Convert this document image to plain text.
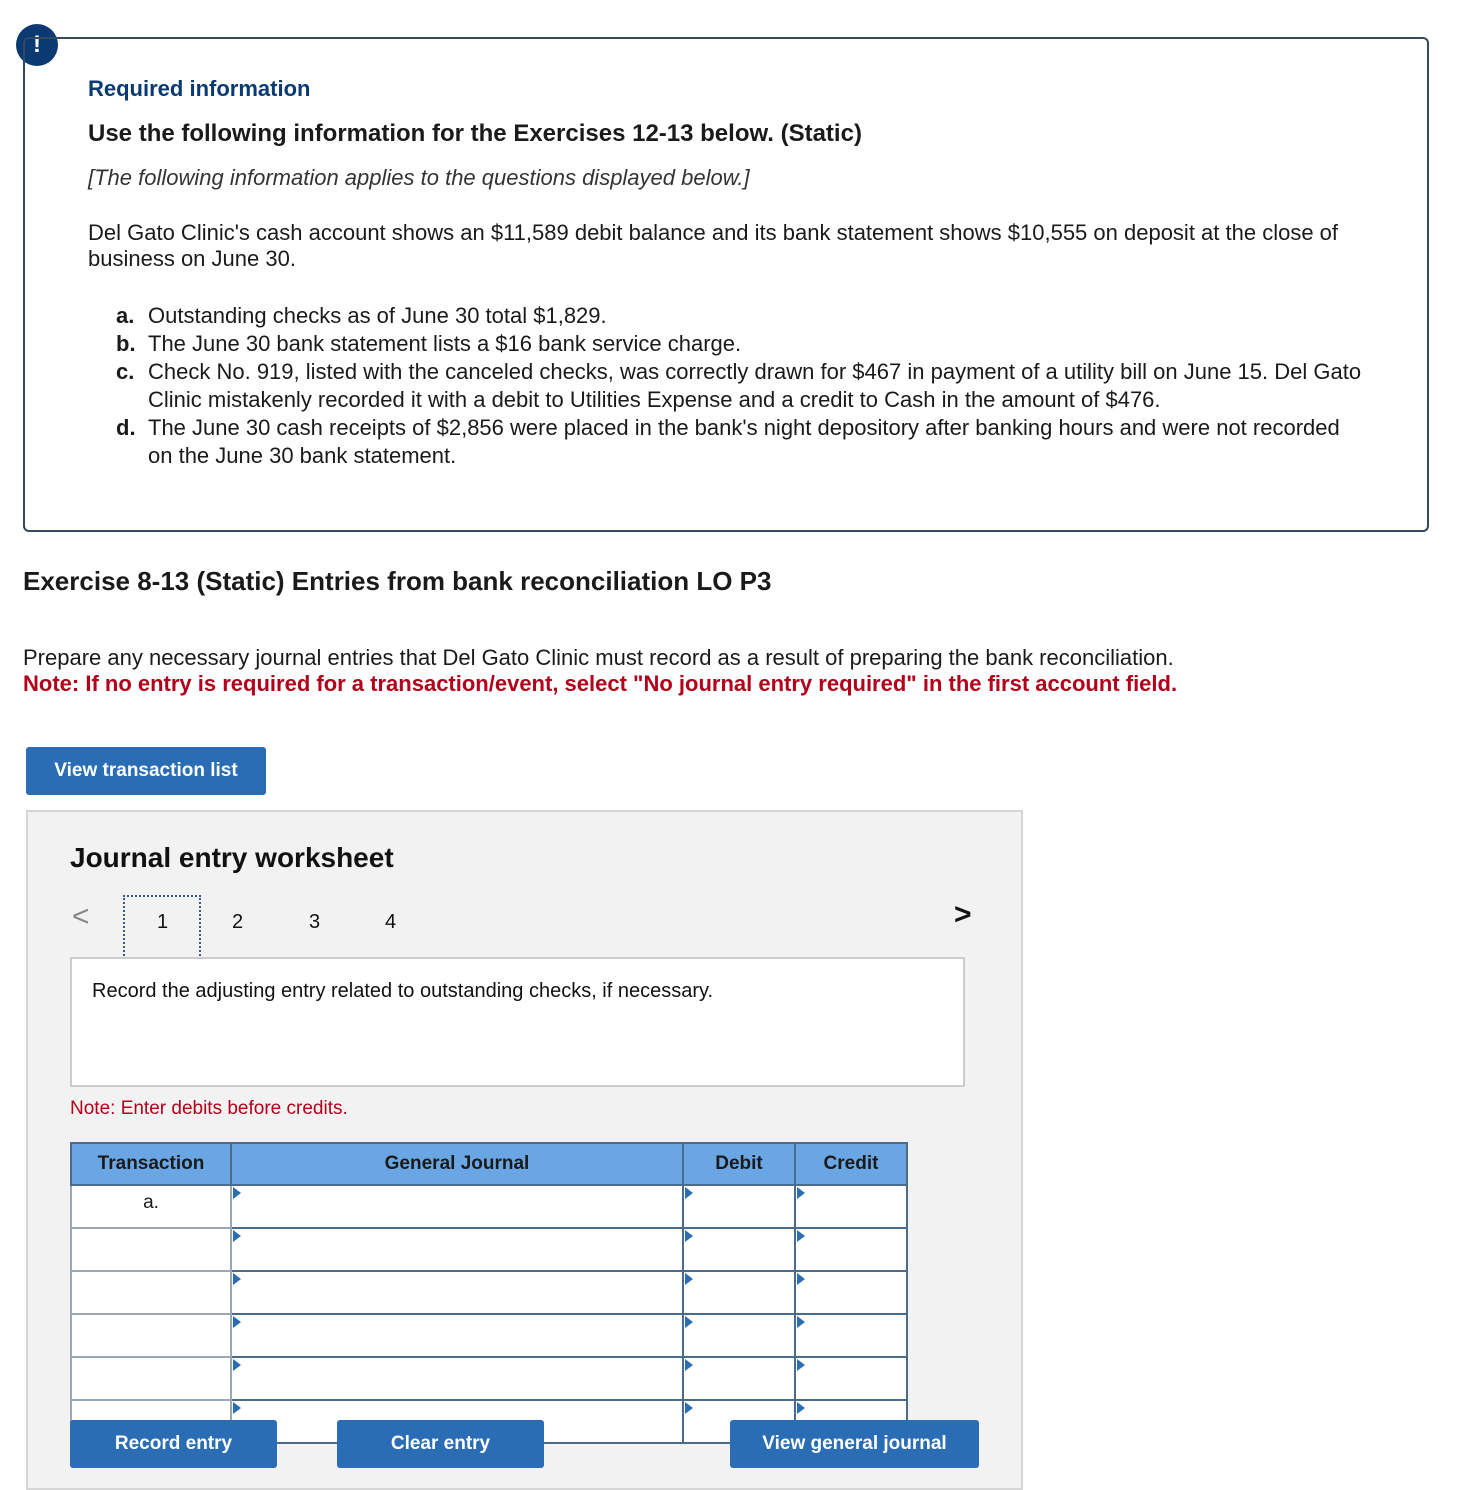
!
Required information
Use the following information for the Exercises 12-13 below. (Static)
[The following information applies to the questions displayed below.]
Del Gato Clinic's cash account shows an $11,589 debit balance and its bank statement shows $10,555 on deposit at the close of business on June 30.
a. Outstanding checks as of June 30 total $1,829.
b. The June 30 bank statement lists a $16 bank service charge.
c. Check No. 919, listed with the canceled checks, was correctly drawn for $467 in payment of a utility bill on June 15. Del Gato Clinic mistakenly recorded it with a debit to Utilities Expense and a credit to Cash in the amount of $476.
d. The June 30 cash receipts of $2,856 were placed in the bank's night depository after banking hours and were not recorded on the June 30 bank statement.
Exercise 8-13 (Static) Entries from bank reconciliation LO P3
Prepare any necessary journal entries that Del Gato Clinic must record as a result of preparing the bank reconciliation.
Note: If no entry is required for a transaction/event, select "No journal entry required" in the first account field.
View transaction list
Journal entry worksheet
<	1	2	3	4	>
Record the adjusting entry related to outstanding checks, if necessary.
Note: Enter debits before credits.
Transaction	General Journal	Debit	Credit
a.	

Record entry	Clear entry	View general journal
